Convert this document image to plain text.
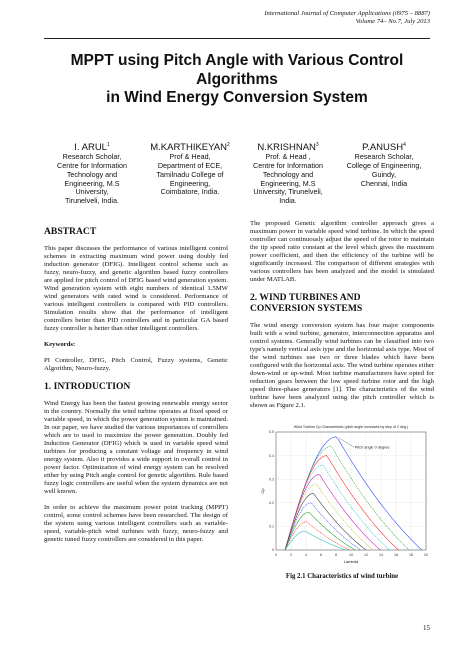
International Journal of Computer Applications (0975 – 8887)
Volume 74– No.7, July 2013
MPPT using Pitch Angle with Various Control
Algorithms
in Wind Energy Conversion System
I. ARUL$^1$
Research Scholar,
Centre for Information
Technology and
Engineering, M.S
University,
Tirunelveli, India.
M.KARTHIKEYAN$^2$
Prof & Head,
Department of ECE,
Tamilnadu College of
Engineering,
Coimbatore, India.
N.KRISHNAN$^3$
Prof. & Head ,
Centre for Information
Technology and
Engineering, M.S
University, Tirunelveli,
India.
P.ANUSH$^4$
Research Scholar,
College of Engineering,
Guindy,
Chennai, India
ABSTRACT

This paper discusses the performance of various intelligent control schemes in extracting maximum wind power using doubly fed induction generator (DFIG). Intelligent control scheme such as fuzzy, neuro-fuzzy, and genetic algorithm based fuzzy controllers are applied for pitch control of DFIG based wind generation system. Wind generation system with eight numbers of identical 1.5MW wind generators with rated wind is considered. Performance of various intelligent controllers is compared with PID controllers. Simulation results show that the performance of intelligent controllers better than PID controllers and in particular GA based fuzzy controller is better than other intelligent controllers.

Keywords:

PI Controller, DFIG, Pitch Control, Fuzzy systems, Genetic Algorithm, Neuro-fuzzy.

1. INTRODUCTION

Wind Energy has been the fastest growing renewable energy sector in the country. Normally the wind turbine operates at fixed speed or variable speed, in which the power generation system is maintained. In our paper, we have studied the various importances of controllers which are to used to maximize the power generation. Doubly fed Induction Generator (DFIG) which is used in variable speed wind turbines for producing a constant voltage and frequency in wind energy system. Also it provides a wide support in overall control in power factor. Optimization of wind energy system can be resolved either by using Pitch angle control for genetic algorithm. Rule based fuzzy logic controllers are useful when the system dynamics are not well known.

In order to achieve the maximum power point tracking (MPPT) control, some control schemes have been researched. The design of the system using various intelligent controllers such as variable-speed, variable-pitch wind turbines with fuzzy, neuro-fuzzy and genetic tuned fuzzy controllers are considered in this paper.

The proposed Genetic algorithm controller approach gives a maximum power in variable speed wind turbine. In which the speed controller can continuously adjust the speed of the rotor to maintain the tip speed ratio constant at the level which gives the maximum power coefficient, and then the efficiency of the turbine will be significantly increased. The comparison of different strategies with various controllers has been analyzed and the model is simulated under MATLAB.

2. WIND TURBINES AND
CONVERSION SYSTEMS

The wind energy conversion system has four major components built with a wind turbine, generator, interconnection apparatus and control systems. Generally wind turbines can be classified into two type's namely vertical axis type and the horizontal axis type. Most of the wind turbines use two or three blades which have been configured with the horizontal axis. The wind turbine operates either down-wind or up-wind. Most turbine manufacturers have opted for reduction gears between the low speed turbine rotor and the high speed three-phase generators [1]. The characteristics of the wind turbine have been analyzed using the pitch controller which is shown as Figure 2.1.

0	2	4	6	8	10	12	14	16	18	20
0
0.1
0.2
0.3
0.4
0.5
Wind Turbine Cp Characteristic (pitch angle increases by step of 2 deg.)
Lambda
Cp
Pitch angle 0 degree
Fig 2.1 Characteristics of wind turbine
15
